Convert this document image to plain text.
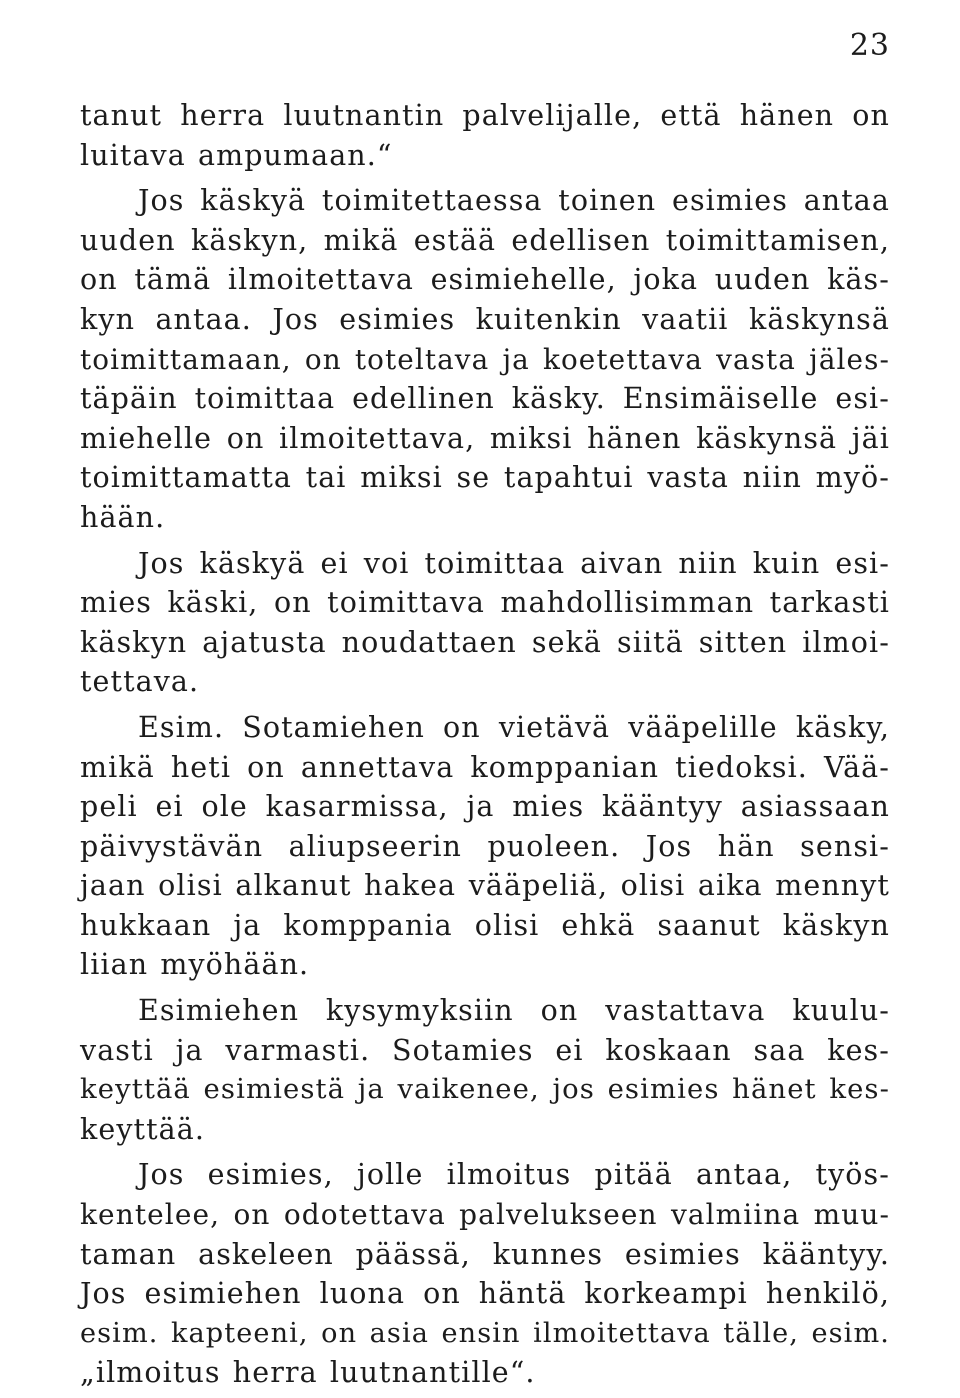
23
tanut herra luutnantin palvelijalle, että hänen on
luitava ampumaan.“
Jos käskyä toimitettaessa toinen esimies antaa
uuden käskyn, mikä estää edellisen toimittamisen,
on tämä ilmoitettava esimiehelle, joka uuden käs-
kyn antaa. Jos esimies kuitenkin vaatii käskynsä
toimittamaan, on toteltava ja koetettava vasta jäles-
täpäin toimittaa edellinen käsky. Ensimäiselle esi-
miehelle on ilmoitettava, miksi hänen käskynsä jäi
toimittamatta tai miksi se tapahtui vasta niin myö-
hään.
Jos käskyä ei voi toimittaa aivan niin kuin esi-
mies käski, on toimittava mahdollisimman tarkasti
käskyn ajatusta noudattaen sekä siitä sitten ilmoi-
tettava.
Esim. Sotamiehen on vietävä vääpelille käsky,
mikä heti on annettava komppanian tiedoksi. Vää-
peli ei ole kasarmissa, ja mies kääntyy asiassaan
päivystävän aliupseerin puoleen. Jos hän sensi-
jaan olisi alkanut hakea vääpeliä, olisi aika mennyt
hukkaan ja komppania olisi ehkä saanut käskyn
liian myöhään.
Esimiehen kysymyksiin on vastattava kuulu-
vasti ja varmasti. Sotamies ei koskaan saa kes-
keyttää esimiestä ja vaikenee, jos esimies hänet kes-
keyttää.
Jos esimies, jolle ilmoitus pitää antaa, työs-
kentelee, on odotettava palvelukseen valmiina muu-
taman askeleen päässä, kunnes esimies kääntyy.
Jos esimiehen luona on häntä korkeampi henkilö,
esim. kapteeni, on asia ensin ilmoitettava tälle, esim.
„ilmoitus herra luutnantille“.
